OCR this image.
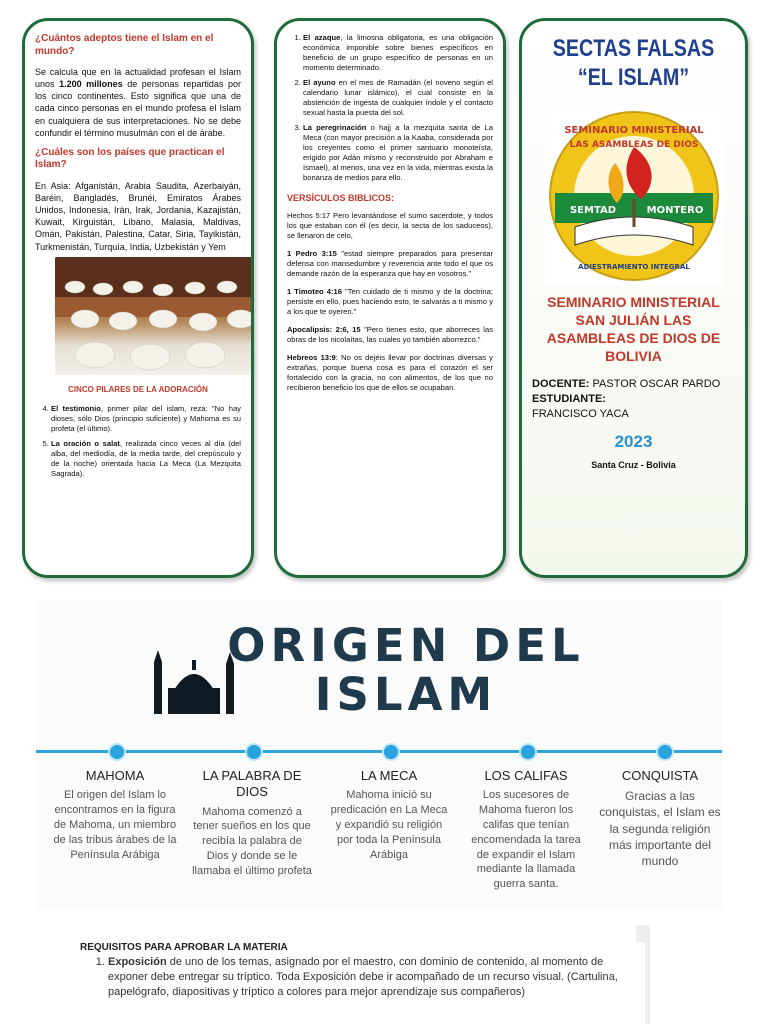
¿Cuántos adeptos tiene el Islam en el mundo?

Se calcula que en la actualidad profesan el Islam unos 1.200 millones de personas repartidas por los cinco continentes. Esto significa que una de cada cinco personas en el mundo profesa el Islam en cualquiera de sus interpretaciones. No se debe confundir el término musulmán con el de árabe.

¿Cuáles son los países que practican el Islam?

En Asia: Afganistán, Arabia Saudita, Azerbaiyán, Baréin, Bangladés, Brunéi, Emiratos Árabes Unidos, Indonesia, Irán, Irak, Jordania, Kazajistán, Kuwait, Kirguistán, Líbano, Malasia, Maldivas, Omán, Pakistán, Palestina, Catar, Siria, Tayikistán, Turkmenistán, Turquía, India, Uzbekistán y Yem

CINCO PILARES DE LA ADORACIÓN

4. El testimonio, primer pilar del islam, reza: "No hay dioses, sólo Dios (principio suficiente) y Mahoma es su profeta (el último).
5. La oración o salat, realizada cinco veces al día (del alba, del mediodía, de la media tarde, del crepúsculo y de la noche) orientada hacia La Meca (La Mezquita Sagrada).
1. El azaque, la limosna obligatoria, es una obligación económica imponible sobre bienes específicos en beneficio de un grupo específico de personas en un momento determinado.
2. El ayuno en el mes de Ramadán (el noveno según el calendario lunar islámico), el cual consiste en la abstención de ingesta de cualquier índole y el contacto sexual hasta la puesta del sol.
3. La peregrinación o hajj a la mezquita santa de La Meca (con mayor precisión a la Kaaba, considerada por los creyentes como el primer santuario monoteísta, erigido por Adán mismo y reconstruido por Abraham e Ismael), al menos, una vez en la vida, mientras exista la bonanza de medios para ello.

VERSÍCULOS BIBLICOS:

Hechos 5:17 Pero levantándose el sumo sacerdote, y todos los que estaban con él (es decir, la secta de los saduceos), se llenaron de celo,

1 Pedro 3:15 "estad siempre preparados para presentar defensa con mansedumbre y reverencia ante todo el que os demande razón de la esperanza que hay en vosotros."

1 Timoteo 4:16 "Ten cuidado de ti mismo y de la doctrina; persiste en ello, pues haciendo esto, te salvarás a ti mismo y a los que te oyeren."

Apocalipsis: 2:6, 15 "Pero tienes esto, que aborreces las obras de los nicolaítas, las cuales yo también aborrezco."

Hebreos 13:9: No os dejéis llevar por doctrinas diversas y extrañas, porque buena cosa es para el corazón el ser fortalecido con la gracia, no con alimentos, de los que no recibieron beneficio los que de ellos se ocupaban.

SECTAS FALSAS
“EL ISLAM”
SEMINARIO MINISTERIAL
LAS ASAMBLEAS DE DIOS
SEMTAD	MONTERO
ADIESTRAMIENTO INTEGRAL
SEMINARIO MINISTERIAL SAN JULIÁN LAS ASAMBLEAS DE DIOS DE BOLIVIA
DOCENTE: PASTOR OSCAR PARDO
ESTUDIANTE:
FRANCISCO YACA
2023
Santa Cruz - Bolivia
ORIGEN DEL
ISLAM
MAHOMA
El origen del Islam lo encontramos en la figura de Mahoma, un miembro de las tribus árabes de la Península Arábiga
LA PALABRA DE DIOS
Mahoma comenzó a tener sueños en los que recibía la palabra de Dios y donde se le llamaba el último profeta
LA MECA
Mahoma inició su predicación en La Meca y expandió su religión por toda la Península Arábiga
LOS CALIFAS
Los sucesores de Mahoma fueron los califas que tenían encomendada la tarea de expandir el Islam mediante la llamada guerra santa.
CONQUISTA
Gracias a las conquistas, el Islam es la segunda religión más importante del mundo

REQUISITOS PARA APROBAR LA MATERIA

1. Exposición de uno de los temas, asignado por el maestro, con dominio de contenido, al momento de exponer debe entregar su tríptico. Toda Exposición debe ir acompañado de un recurso visual. (Cartulina, papelógrafo, diapositivas y tríptico a colores para mejor aprendizaje sus compañeros)
